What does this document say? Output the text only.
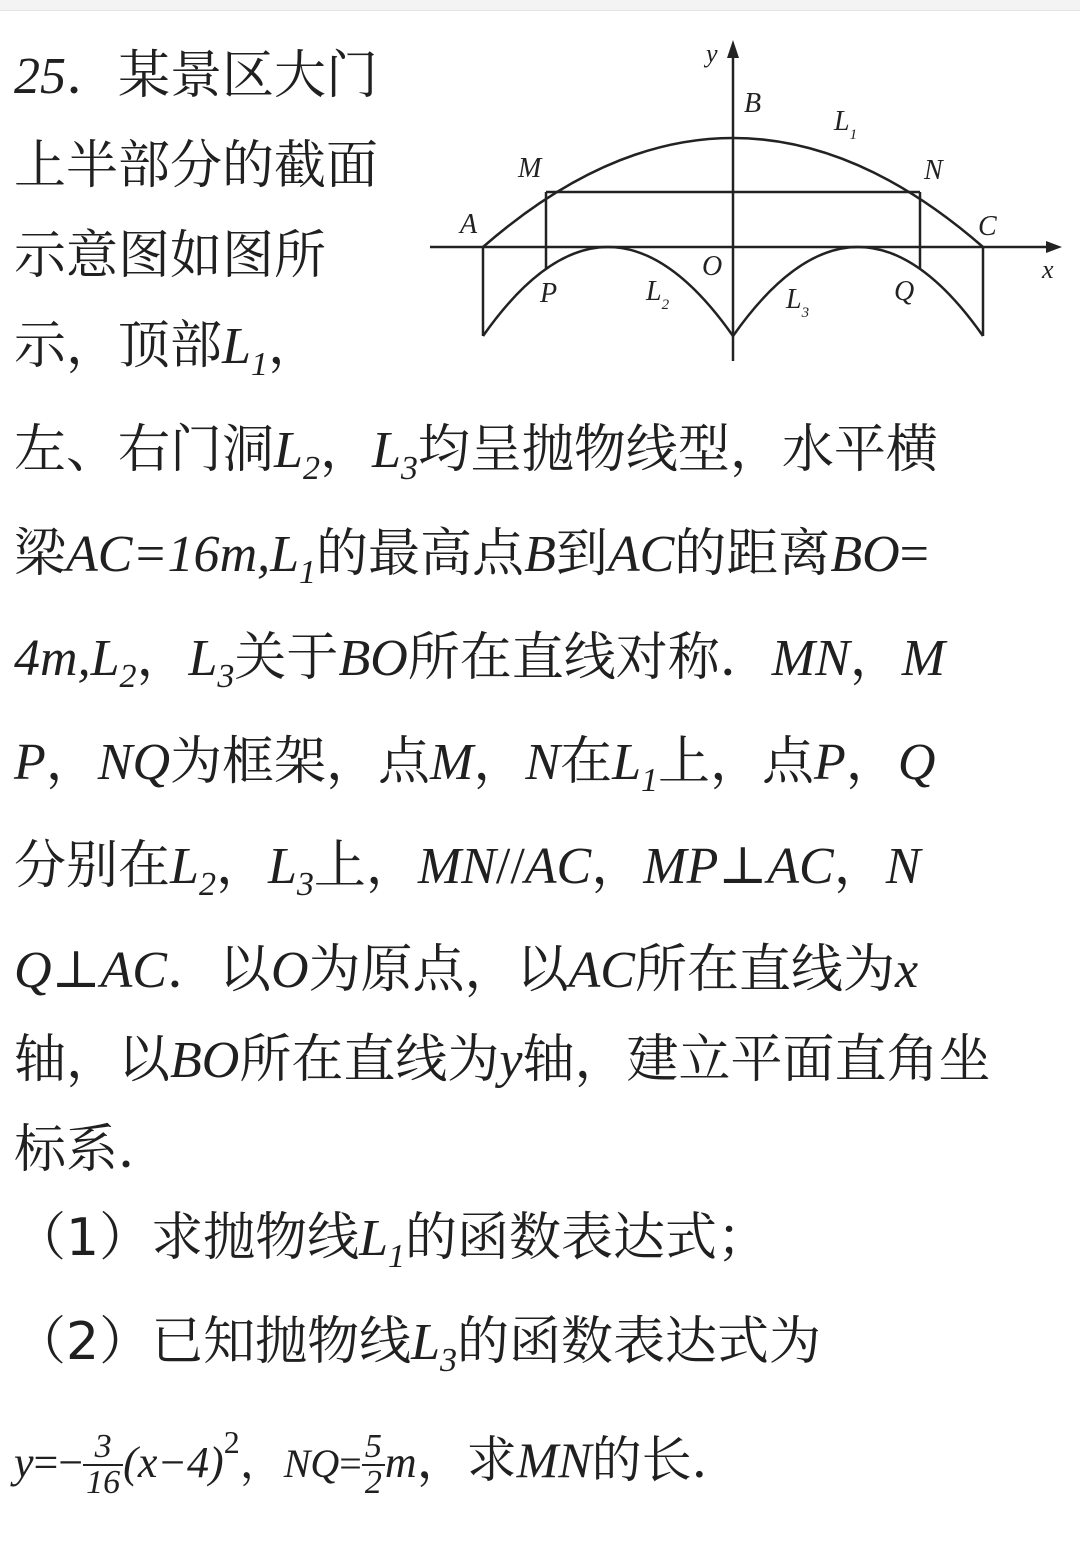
y
x
B
$L_1$
M	N
A	C
O
P	Q
$L_2$	$L_3$
25．某景区大门
上半部分的截面
示意图如图所
示，顶部$L_1$，
左、右门洞$L_2$，$L_3$均呈抛物线型，水平横
梁$AC=16m,L_1$的最高点B到AC的距离BO=
$4m,L_2$，$L_3$关于BO所在直线对称．MN，M
P，NQ为框架，点M，N在$L_1$上，点P，Q
分别在$L_2$，$L_3$上，MN//AC，MP⊥AC，N
Q⊥AC．以O为原点，以AC所在直线为x
轴，以BO所在直线为y轴，建立平面直角坐
标系．
（1）求抛物线$L_1$的函数表达式；
（2）已知抛物线$L_3$的函数表达式为
$y=- \frac{3}{16} (x-4)^2$，$NQ= \frac{5}{2}$ m，求MN的长．
